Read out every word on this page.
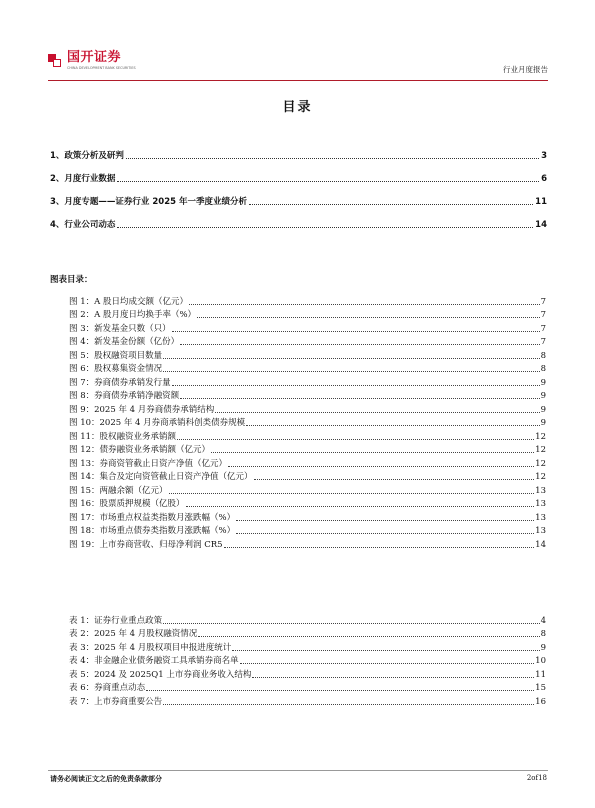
国开证券
CHINA DEVELOPMENT BANK SECURITIES	行业月度报告
目录
1、政策分析及研判	3
2、月度行业数据	6
3、月度专题——证券行业 2025 年一季度业绩分析	11
4、行业公司动态	14
图表目录：
图 1：A 股日均成交额（亿元）	7
图 2：A 股月度日均换手率（%）	7
图 3：新发基金只数（只）	7
图 4：新发基金份额（亿份）	7
图 5：股权融资项目数量	8
图 6：股权募集资金情况	8
图 7：券商债券承销发行量	9
图 8：券商债券承销净融资额	9
图 9：2025 年 4 月券商债券承销结构	9
图 10：2025 年 4 月券商承销科创类债券规模	9
图 11：股权融资业务承销额	12
图 12：债券融资业务承销额（亿元）	12
图 13：券商资管截止日资产净值（亿元）	12
图 14：集合及定向资管截止日资产净值（亿元）	12
图 15：两融余额（亿元）	13
图 16：股票质押规模（亿股）	13
图 17：市场重点权益类指数月涨跌幅（%）	13
图 18：市场重点债券类指数月涨跌幅（%）	13
图 19：上市券商营收、归母净利润 CR5	14
表 1：证券行业重点政策	4
表 2：2025 年 4 月股权融资情况	8
表 3：2025 年 4 月股权项目申报进度统计	9
表 4：非金融企业债务融资工具承销券商名单	10
表 5：2024 及 2025Q1 上市券商业务收入结构	11
表 6：券商重点动态	15
表 7：上市券商重要公告	16
请务必阅读正文之后的免责条款部分	2of18
